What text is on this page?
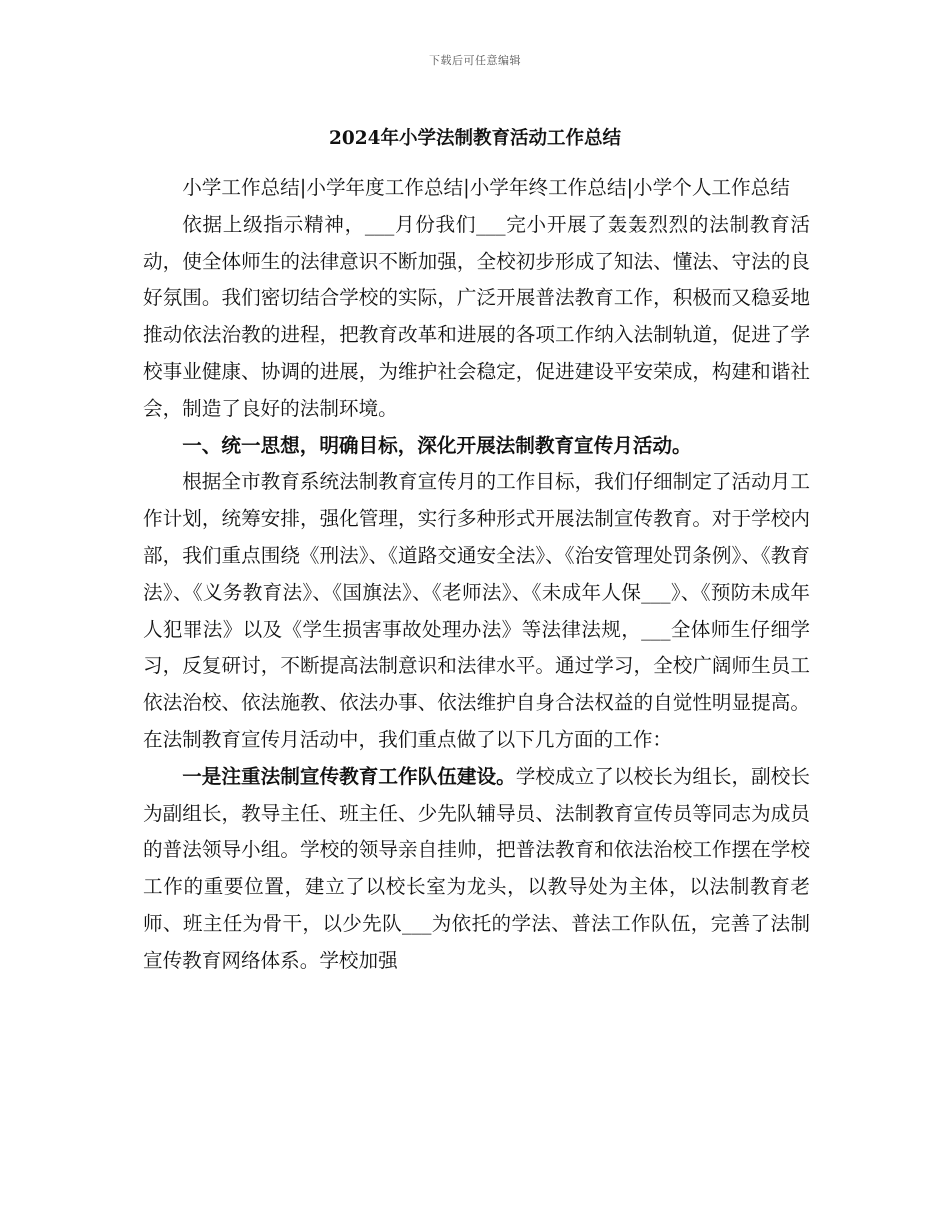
下载后可任意编辑
2024年小学法制教育活动工作总结

小学工作总结|小学年度工作总结|小学年终工作总结|小学个人工作总结

依据上级指示精神，___月份我们___完小开展了轰轰烈烈的法制教育活动，使全体师生的法律意识不断加强，全校初步形成了知法、懂法、守法的良好氛围。我们密切结合学校的实际，广泛开展普法教育工作，积极而又稳妥地推动依法治教的进程，把教育改革和进展的各项工作纳入法制轨道，促进了学校事业健康、协调的进展，为维护社会稳定，促进建设平安荣成，构建和谐社会，制造了良好的法制环境。

一、统一思想，明确目标，深化开展法制教育宣传月活动。

根据全市教育系统法制教育宣传月的工作目标，我们仔细制定了活动月工作计划，统筹安排，强化管理，实行多种形式开展法制宣传教育。对于学校内部，我们重点围绕《刑法》、《道路交通安全法》、《治安管理处罚条例》、《教育法》、《义务教育法》、《国旗法》、《老师法》、《未成年人保___》、《预防未成年人犯罪法》以及《学生损害事故处理办法》等法律法规，___全体师生仔细学习，反复研讨，不断提高法制意识和法律水平。通过学习，全校广阔师生员工依法治校、依法施教、依法办事、依法维护自身合法权益的自觉性明显提高。在法制教育宣传月活动中，我们重点做了以下几方面的工作：

一是注重法制宣传教育工作队伍建设。学校成立了以校长为组长，副校长为副组长，教导主任、班主任、少先队辅导员、法制教育宣传员等同志为成员的普法领导小组。学校的领导亲自挂帅，把普法教育和依法治校工作摆在学校工作的重要位置，建立了以校长室为龙头，以教导处为主体，以法制教育老师、班主任为骨干，以少先队___为依托的学法、普法工作队伍，完善了法制宣传教育网络体系。学校加强
